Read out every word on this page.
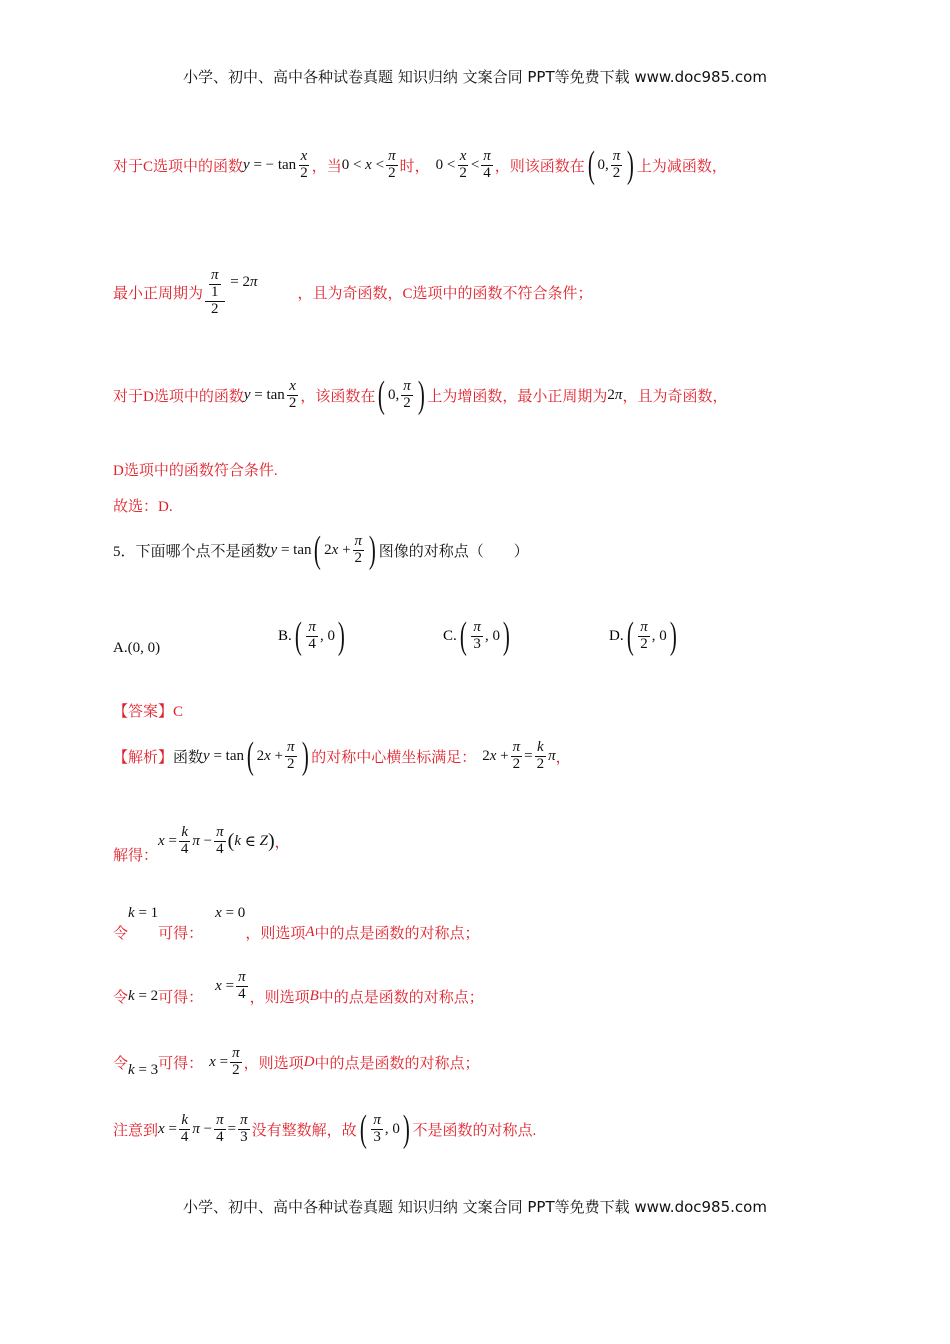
小学、初中、高中各种试卷真题 知识归纳 文案合同 PPT等免费下载 www.doc985.com
对于C选项中的函数 y = − $\tan \frac{x}{2}$ ，当 $0 < x < \frac{\pi}{2}$ 时， $0 < \frac{x}{2} < \frac{\pi}{4}$ ，则该函数在 ( 0, $\frac{\pi}{2}$ ) 上为减函数，
最小正周期为 $\frac{\frac{\pi}{1}}{2} = 2\pi$
，且为奇函数，C选项中的函数不符合条件；
对于D选项中的函数 $y = \tan \frac{x}{2}$ ，该函数在 ( 0, $\frac{\pi}{2}$ ) 上为增函数，最小正周期为 2 π ，且为奇函数，
D选项中的函数符合条件.
故选：D.
5．下面哪个点不是函数 y = tan ( 2 $x + \frac{\pi}{2}$ ) 图像的对称点（　　）
A. (0, 0)
B. ( $\frac{\pi}{4}$ , 0 )	C. ( $\frac{\pi}{3}$ , 0 )	D. ( $\frac{\pi}{2}$ , 0 )
【答案】C
【解析】 函数 y = tan ( 2 $x + \frac{\pi}{2}$ ) 的对称中心横坐标满足： 2 $x + \frac{\pi}{2} = \frac{k}{2}$ π ，
解得：
$x = \frac{k}{4}$ $\pi - \frac{\pi}{4}$ ( k ∈ Z ) ，
令
k = 1
可得：
x = 0
，则选项 A 中的点是函数的对称点；
令 k = 2 可得：
$x = \frac{\pi}{4}$ ，则选项 B 中的点是函数的对称点；
令 k = 3 可得： $x = \frac{\pi}{2}$ ，则选项 D 中的点是函数的对称点；
注意到 $x = \frac{k}{4}$ $\pi - \frac{\pi}{4} = \frac{\pi}{3}$ 没有整数解，故 ( $\frac{\pi}{3}$ , 0 ) 不是函数的对称点.
小学、初中、高中各种试卷真题 知识归纳 文案合同 PPT等免费下载 www.doc985.com
